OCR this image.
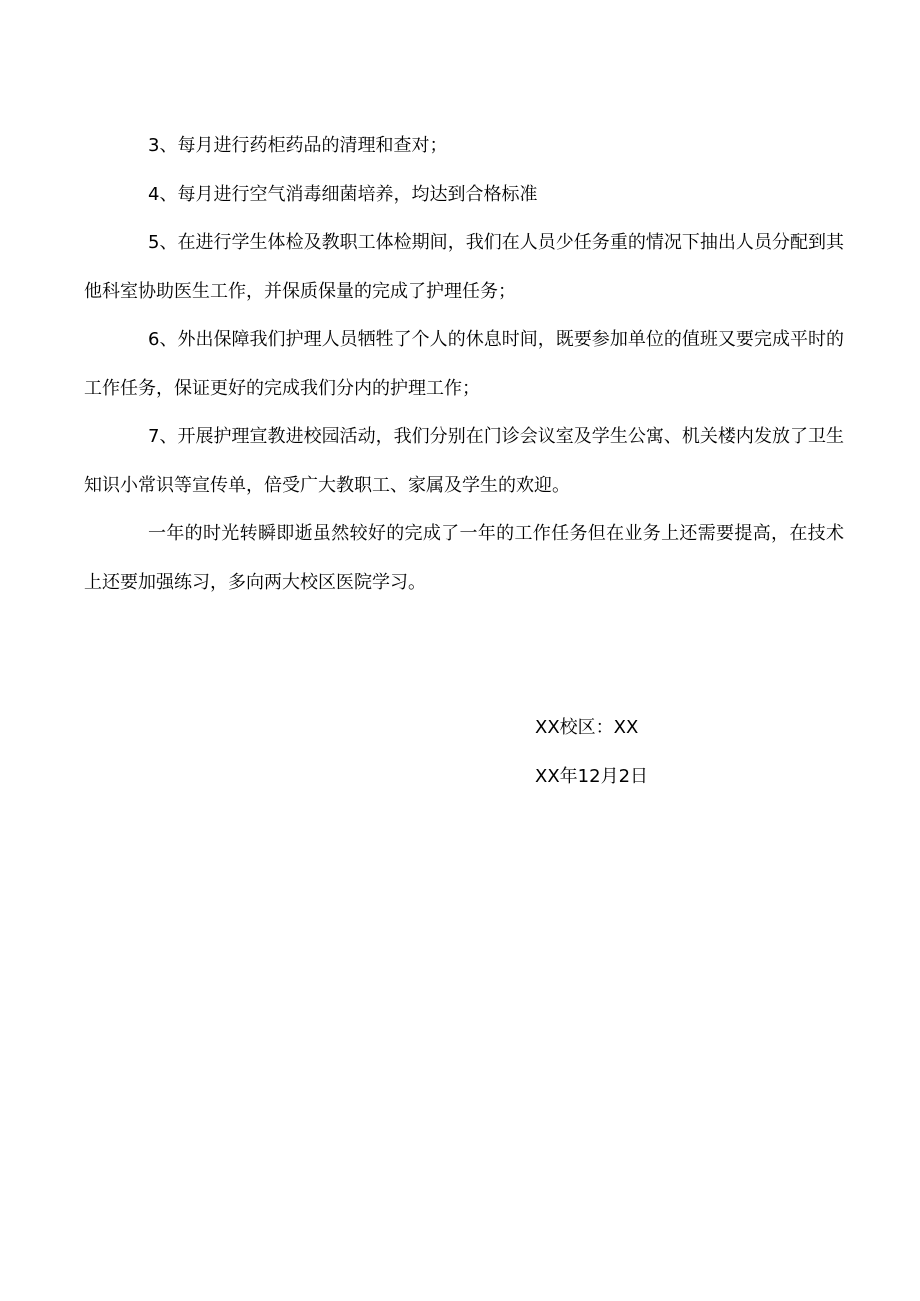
3、每月进行药柜药品的清理和查对；

4、每月进行空气消毒细菌培养，均达到合格标准

5、在进行学生体检及教职工体检期间，我们在人员少任务重的情况下抽出人员分配到其他科室协助医生工作，并保质保量的完成了护理任务；

6、外出保障我们护理人员牺牲了个人的休息时间，既要参加单位的值班又要完成平时的工作任务，保证更好的完成我们分内的护理工作；

7、开展护理宣教进校园活动，我们分别在门诊会议室及学生公寓、机关楼内发放了卫生知识小常识等宣传单，倍受广大教职工、家属及学生的欢迎。

一年的时光转瞬即逝虽然较好的完成了一年的工作任务但在业务上还需要提高，在技术上还要加强练习，多向两大校区医院学习。

XX校区：XX

XX年12月2日
